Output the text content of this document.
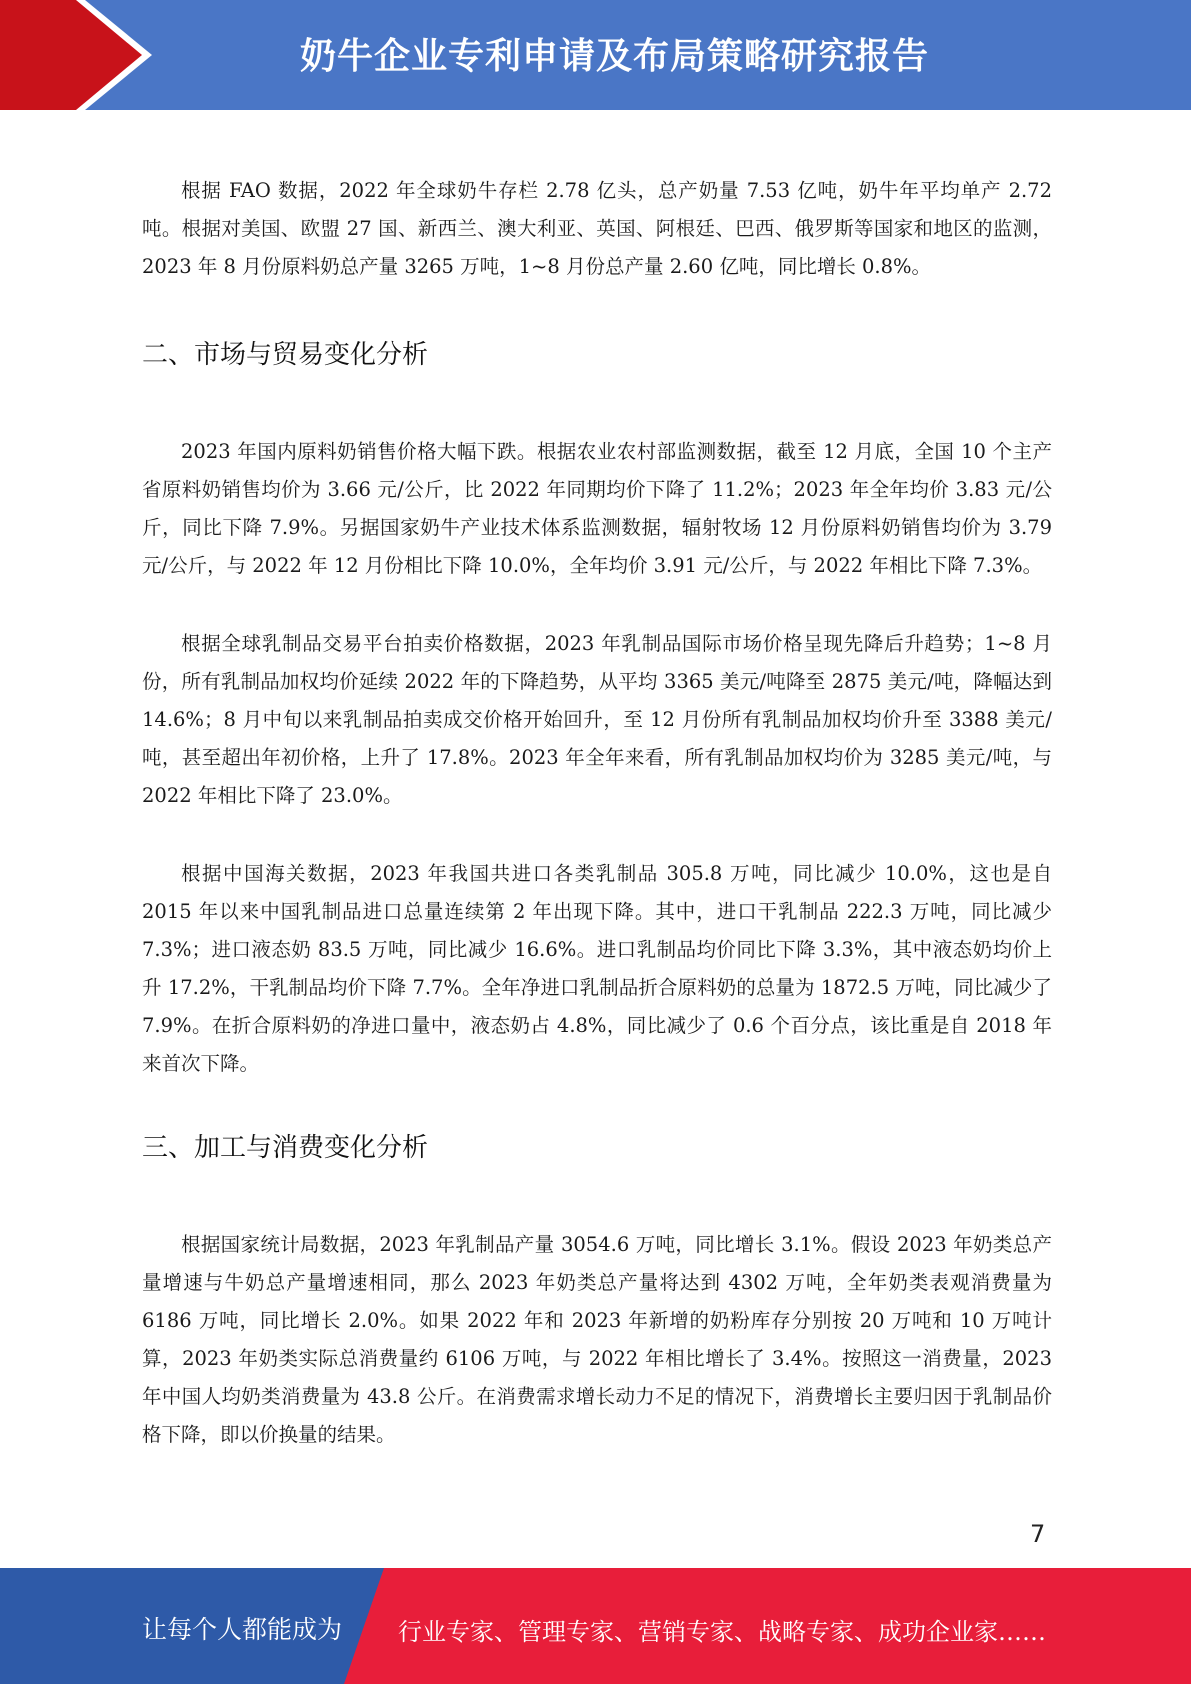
奶牛企业专利申请及布局策略研究报告

根据 FAO 数据，2022 年全球奶牛存栏 2.78 亿头，总产奶量 7.53 亿吨，奶牛年平均单产 2.72 吨。根据对美国、欧盟 27 国、新西兰、澳大利亚、英国、阿根廷、巴西、俄罗斯等国家和地区的监测，2023 年 8 月份原料奶总产量 3265 万吨，1~8 月份总产量 2.60 亿吨，同比增长 0.8%。

二、市场与贸易变化分析

2023 年国内原料奶销售价格大幅下跌。根据农业农村部监测数据，截至 12 月底，全国 10 个主产省原料奶销售均价为 3.66 元/公斤，比 2022 年同期均价下降了 11.2%；2023 年全年均价 3.83 元/公斤，同比下降 7.9%。另据国家奶牛产业技术体系监测数据，辐射牧场 12 月份原料奶销售均价为 3.79 元/公斤，与 2022 年 12 月份相比下降 10.0%，全年均价 3.91 元/公斤，与 2022 年相比下降 7.3%。

根据全球乳制品交易平台拍卖价格数据，2023 年乳制品国际市场价格呈现先降后升趋势；1~8 月份，所有乳制品加权均价延续 2022 年的下降趋势，从平均 3365 美元/吨降至 2875 美元/吨，降幅达到 14.6%；8 月中旬以来乳制品拍卖成交价格开始回升，至 12 月份所有乳制品加权均价升至 3388 美元/吨，甚至超出年初价格，上升了 17.8%。2023 年全年来看，所有乳制品加权均价为 3285 美元/吨，与 2022 年相比下降了 23.0%。

根据中国海关数据，2023 年我国共进口各类乳制品 305.8 万吨，同比减少 10.0%，这也是自 2015 年以来中国乳制品进口总量连续第 2 年出现下降。其中，进口干乳制品 222.3 万吨，同比减少 7.3%；进口液态奶 83.5 万吨，同比减少 16.6%。进口乳制品均价同比下降 3.3%，其中液态奶均价上升 17.2%，干乳制品均价下降 7.7%。全年净进口乳制品折合原料奶的总量为 1872.5 万吨，同比减少了 7.9%。在折合原料奶的净进口量中，液态奶占 4.8%，同比减少了 0.6 个百分点，该比重是自 2018 年来首次下降。

三、加工与消费变化分析

根据国家统计局数据，2023 年乳制品产量 3054.6 万吨，同比增长 3.1%。假设 2023 年奶类总产量增速与牛奶总产量增速相同，那么 2023 年奶类总产量将达到 4302 万吨，全年奶类表观消费量为 6186 万吨，同比增长 2.0%。如果 2022 年和 2023 年新增的奶粉库存分别按 20 万吨和 10 万吨计算，2023 年奶类实际总消费量约 6106 万吨，与 2022 年相比增长了 3.4%。按照这一消费量，2023 年中国人均奶类消费量为 43.8 公斤。在消费需求增长动力不足的情况下，消费增长主要归因于乳制品价格下降，即以价换量的结果。

7
让每个人都能成为 行业专家、管理专家、营销专家、战略专家、成功企业家……
